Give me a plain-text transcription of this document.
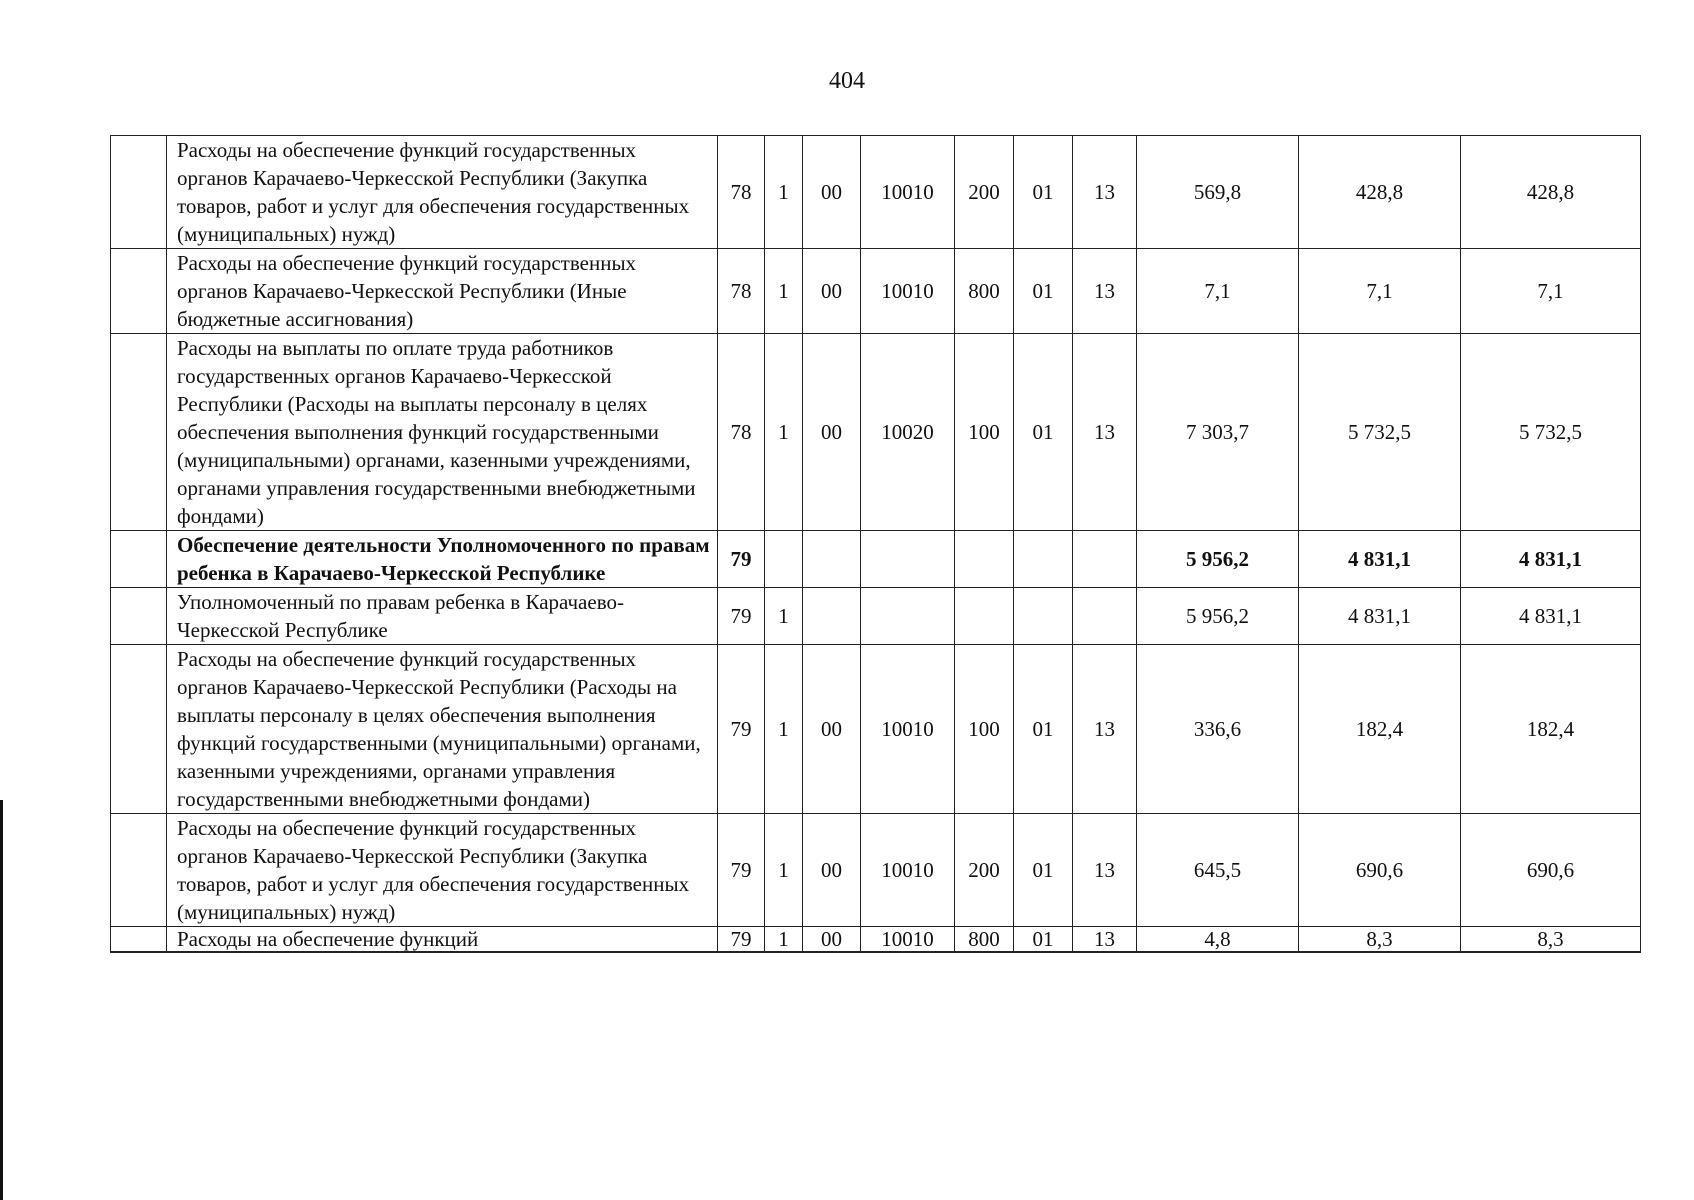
404
	Расходы на обеспечение функций государственных органов Карачаево-Черкесской Республики (Закупка товаров, работ и услуг для обеспечения государственных (муниципальных) нужд)	78	1	00	10010	200	01	13	569,8	428,8	428,8
	Расходы на обеспечение функций государственных органов Карачаево-Черкесской Республики (Иные бюджетные ассигнования)	78	1	00	10010	800	01	13	7,1	7,1	7,1
	Расходы на выплаты по оплате труда работников государственных органов Карачаево-Черкесской Республики (Расходы на выплаты персоналу в целях обеспечения выполнения функций государственными (муниципальными) органами, казенными учреждениями, органами управления государственными внебюджетными фондами)	78	1	00	10020	100	01	13	7 303,7	5 732,5	5 732,5
	Обеспечение деятельности Уполномоченного по правам ребенка в Карачаево-Черкесской Республике	79							5 956,2	4 831,1	4 831,1
	Уполномоченный по правам ребенка в Карачаево-Черкесской Республике	79	1						5 956,2	4 831,1	4 831,1
	Расходы на обеспечение функций государственных органов Карачаево-Черкесской Республики (Расходы на выплаты персоналу в целях обеспечения выполнения функций государственными (муниципальными) органами, казенными учреждениями, органами управления государственными внебюджетными фондами)	79	1	00	10010	100	01	13	336,6	182,4	182,4
	Расходы на обеспечение функций государственных органов Карачаево-Черкесской Республики (Закупка товаров, работ и услуг для обеспечения государственных (муниципальных) нужд)	79	1	00	10010	200	01	13	645,5	690,6	690,6
	Расходы на обеспечение функций	79	1	00	10010	800	01	13	4,8	8,3	8,3
